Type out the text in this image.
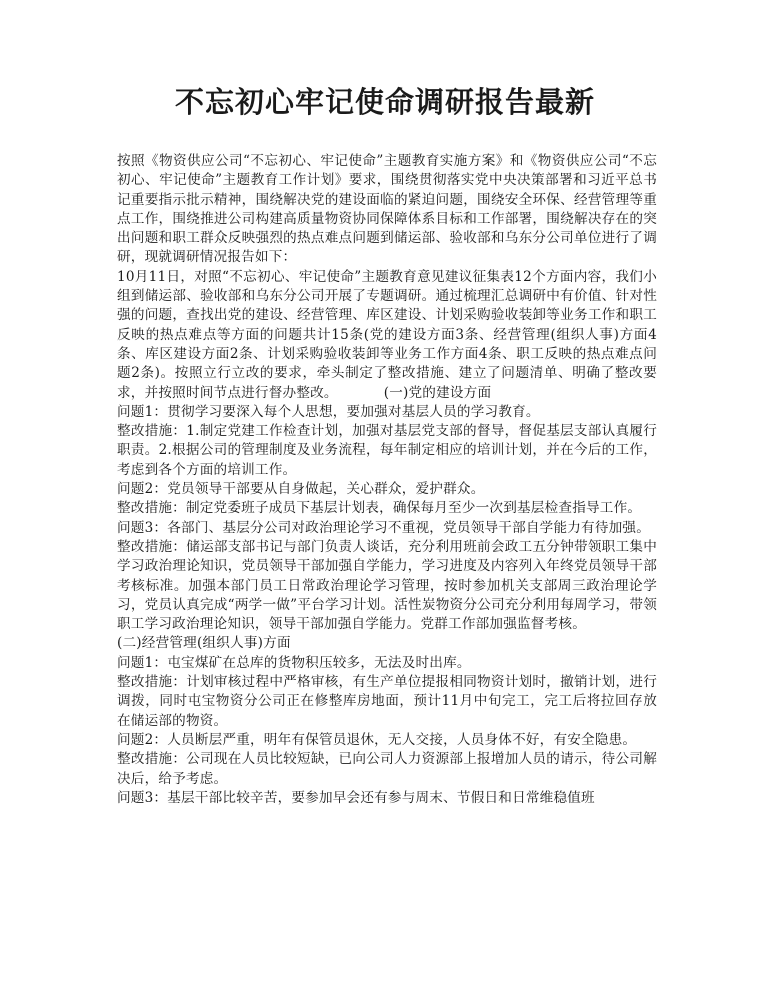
不忘初心牢记使命调研报告最新

按照《物资供应公司“不忘初心、牢记使命”主题教育实施方案》和《物资供应公司“不忘初心、牢记使命”主题教育工作计划》要求，围绕贯彻落实党中央决策部署和习近平总书记重要指示批示精神，围绕解决党的建设面临的紧迫问题，围绕安全环保、经营管理等重点工作，围绕推进公司构建高质量物资协同保障体系目标和工作部署，围绕解决存在的突出问题和职工群众反映强烈的热点难点问题到储运部、验收部和乌东分公司单位进行了调研，现就调研情况报告如下：

10月11日，对照“不忘初心、牢记使命”主题教育意见建议征集表12个方面内容，我们小组到储运部、验收部和乌东分公司开展了专题调研。通过梳理汇总调研中有价值、针对性强的问题，查找出党的建设、经营管理、库区建设、计划采购验收装卸等业务工作和职工反映的热点难点等方面的问题共计15条(党的建设方面3条、经营管理(组织人事)方面4条、库区建设方面2条、计划采购验收装卸等业务工作方面4条、职工反映的热点难点问题2条)。按照立行立改的要求，牵头制定了整改措施、建立了问题清单、明确了整改要求，并按照时间节点进行督办整改。	(一)党的建设方面

问题1：贯彻学习要深入每个人思想，要加强对基层人员的学习教育。

整改措施：1.制定党建工作检查计划，加强对基层党支部的督导，督促基层支部认真履行职责。2.根据公司的管理制度及业务流程，每年制定相应的培训计划，并在今后的工作，考虑到各个方面的培训工作。

问题2：党员领导干部要从自身做起，关心群众，爱护群众。

整改措施：制定党委班子成员下基层计划表，确保每月至少一次到基层检查指导工作。

问题3：各部门、基层分公司对政治理论学习不重视，党员领导干部自学能力有待加强。

整改措施：储运部支部书记与部门负责人谈话，充分利用班前会政工五分钟带领职工集中学习政治理论知识，党员领导干部加强自学能力，学习进度及内容列入年终党员领导干部考核标准。加强本部门员工日常政治理论学习管理，按时参加机关支部周三政治理论学习，党员认真完成“两学一做”平台学习计划。活性炭物资分公司充分利用每周学习，带领职工学习政治理论知识，领导干部加强自学能力。党群工作部加强监督考核。

(二)经营管理(组织人事)方面

问题1：屯宝煤矿在总库的货物积压较多，无法及时出库。

整改措施：计划审核过程中严格审核，有生产单位提报相同物资计划时，撤销计划，进行调拨，同时屯宝物资分公司正在修整库房地面，预计11月中旬完工，完工后将拉回存放在储运部的物资。

问题2：人员断层严重，明年有保管员退休，无人交接，人员身体不好，有安全隐患。

整改措施：公司现在人员比较短缺，已向公司人力资源部上报增加人员的请示，待公司解决后，给予考虑。

问题3：基层干部比较辛苦，要参加早会还有参与周末、节假日和日常维稳值班
